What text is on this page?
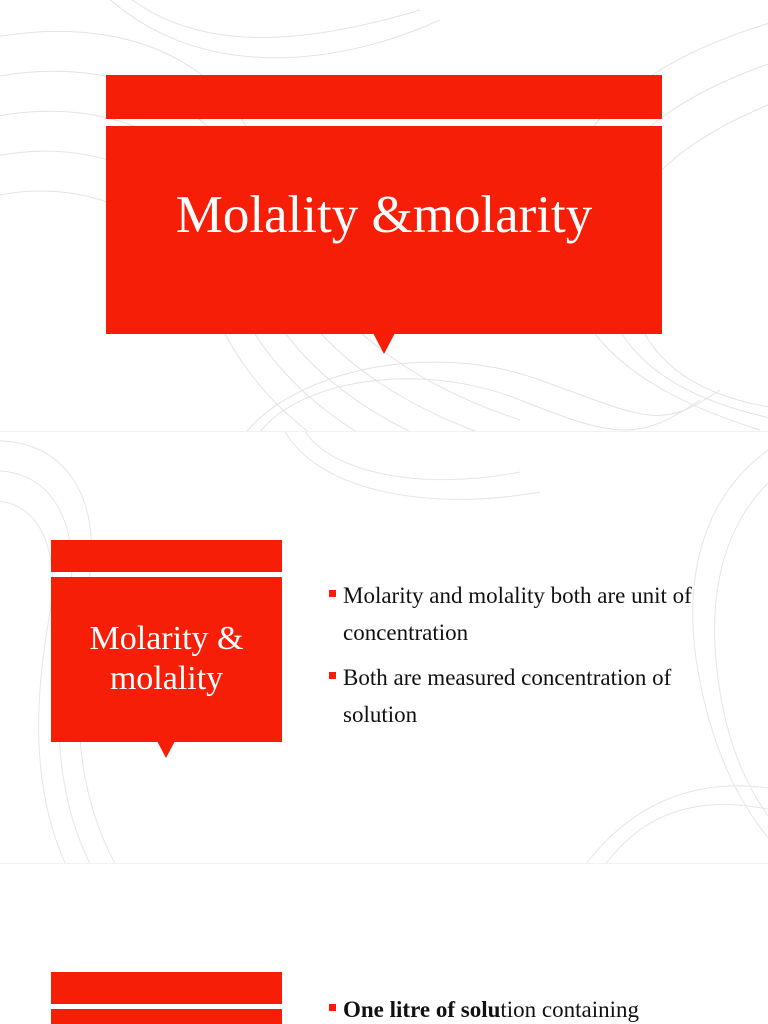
Molality &molarity
Molarity &
molality
Molarity and molality both are unit of concentration
Both are measured concentration of solution
One litre of solution containing
